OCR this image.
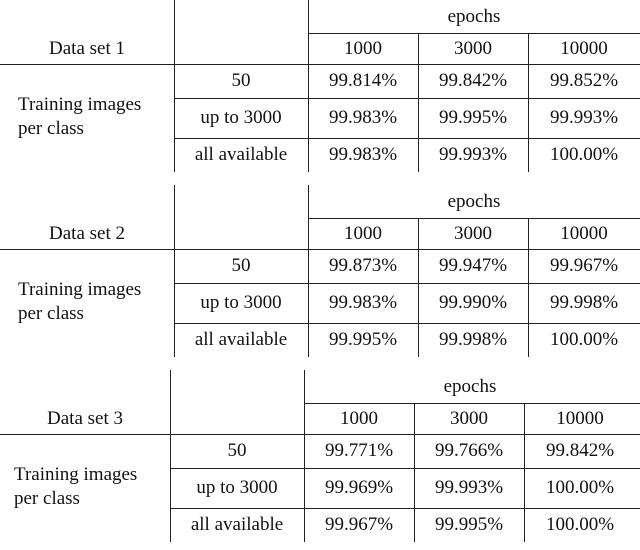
epochs
Data set 1	1000	3000	10000
Training images
per class
50	99.814% 99.842% 99.852%
up to 3000 99.983% 99.995% 99.993%
all available 99.983% 99.993% 100.00%
epochs
Data set 2	1000	3000	10000
Training images
per class
50	99.873% 99.947% 99.967%
up to 3000 99.983% 99.990% 99.998%
all available 99.995% 99.998% 100.00%
epochs
Data set 3	1000	3000	10000
Training images
per class
50	99.771% 99.766% 99.842%
up to 3000 99.969% 99.993% 100.00%
all available 99.967% 99.995% 100.00%
